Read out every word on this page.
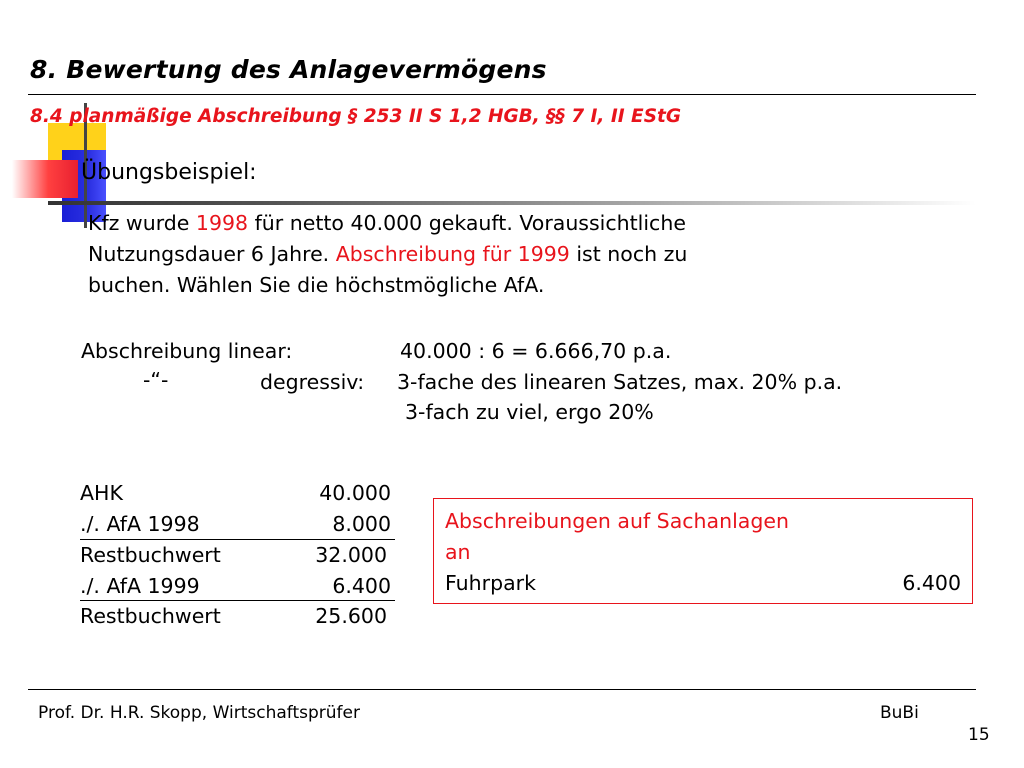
8. Bewertung des Anlagevermögens
8.4 planmäßige Abschreibung § 253 II S 1,2 HGB, §§ 7 I, II EStG
Übungsbeispiel:
Kfz wurde 1998 für netto 40.000 gekauft. Voraussichtliche
Nutzungsdauer 6 Jahre. Abschreibung für 1999 ist noch zu
buchen. Wählen Sie die höchstmögliche AfA.
Abschreibung linear:	40.000 : 6 = 6.666,70 p.a.
-“-	degressiv: 3-fache des linearen Satzes, max. 20% p.a.
3-fach zu viel, ergo 20%
AHK	40.000
./. AfA 1998	8.000
Restbuchwert	32.000
./. AfA 1999	6.400
Restbuchwert	25.600
Abschreibungen auf Sachanlagen
an
Fuhrpark	6.400
Prof. Dr. H.R. Skopp, Wirtschaftsprüfer	BuBi
15
